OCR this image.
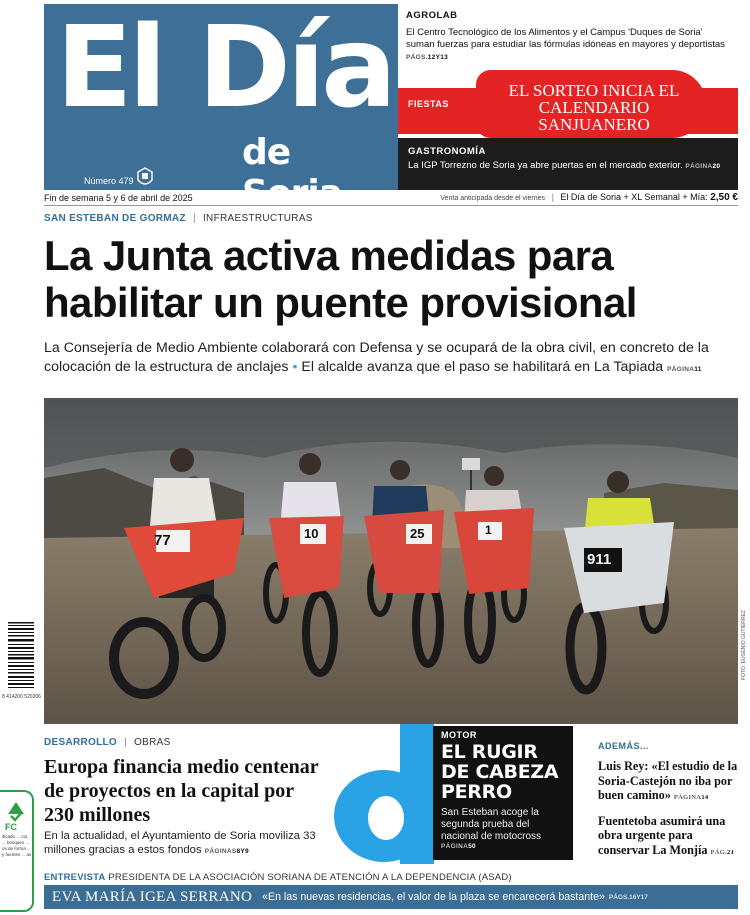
El Día
de Soria
Número 479
AGROLAB
El Centro Tecnológico de los Alimentos y el Campus 'Duques de Soria' suman fuerzas para estudiar las fórmulas idóneas en mayores y deportistas PÁGS.12Y13
FIESTAS
EL SORTEO INICIA EL CALENDARIO SANJUANERO
GASTRONOMÍA
La IGP Torrezno de Soria ya abre puertas en el mercado exterior. PÁGINA20
Fin de semana 5 y 6 de abril de 2025	Venta anticipada desde el viernes | El Día de Soria + XL Semanal + Mía: 2,50 €
SAN ESTEBAN DE GORMAZ | INFRAESTRUCTURAS
La Junta activa medidas para habilitar un puente provisional

La Consejería de Medio Ambiente colaborará con Defensa y se ocupará de la obra civil, en concreto de la colocación de la estructura de anclajes • El alcalde avanza que el paso se habilitará en La Tapiada PÁGINA11

77	10	25	1
911
FOTO: EUGENIO GUTIÉRREZ
8 414200 520206
DESARROLLO | OBRAS
Europa financia medio centenar de proyectos en la capital por 230 millones

En la actualidad, el Ayuntamiento de Soria moviliza 33 millones gracias a estos fondos PÁGINAS8Y9

MOTOR
EL RUGIR DE CABEZA PERRO
San Esteban acoge la segunda prueba del nacional de motocross
PÁGINA50
ADEMÁS...
Luis Rey: «El estudio de la Soria-Castejón no iba por buen camino» PÁGINA14
Fuentetoba asumirá una obra urgente para conservar La Monjía PÁG.21
FC
ificado ... cto ... bosques ... os de forma ... y fuentes ... as
ENTREVISTA PRESIDENTA DE LA ASOCIACIÓN SORIANA DE ATENCIÓN A LA DEPENDENCIA (ASAD)
EVA MARÍA IGEA SERRANO «En las nuevas residencias, el valor de la plaza se encarecerá bastante» PÁGS.16Y17
